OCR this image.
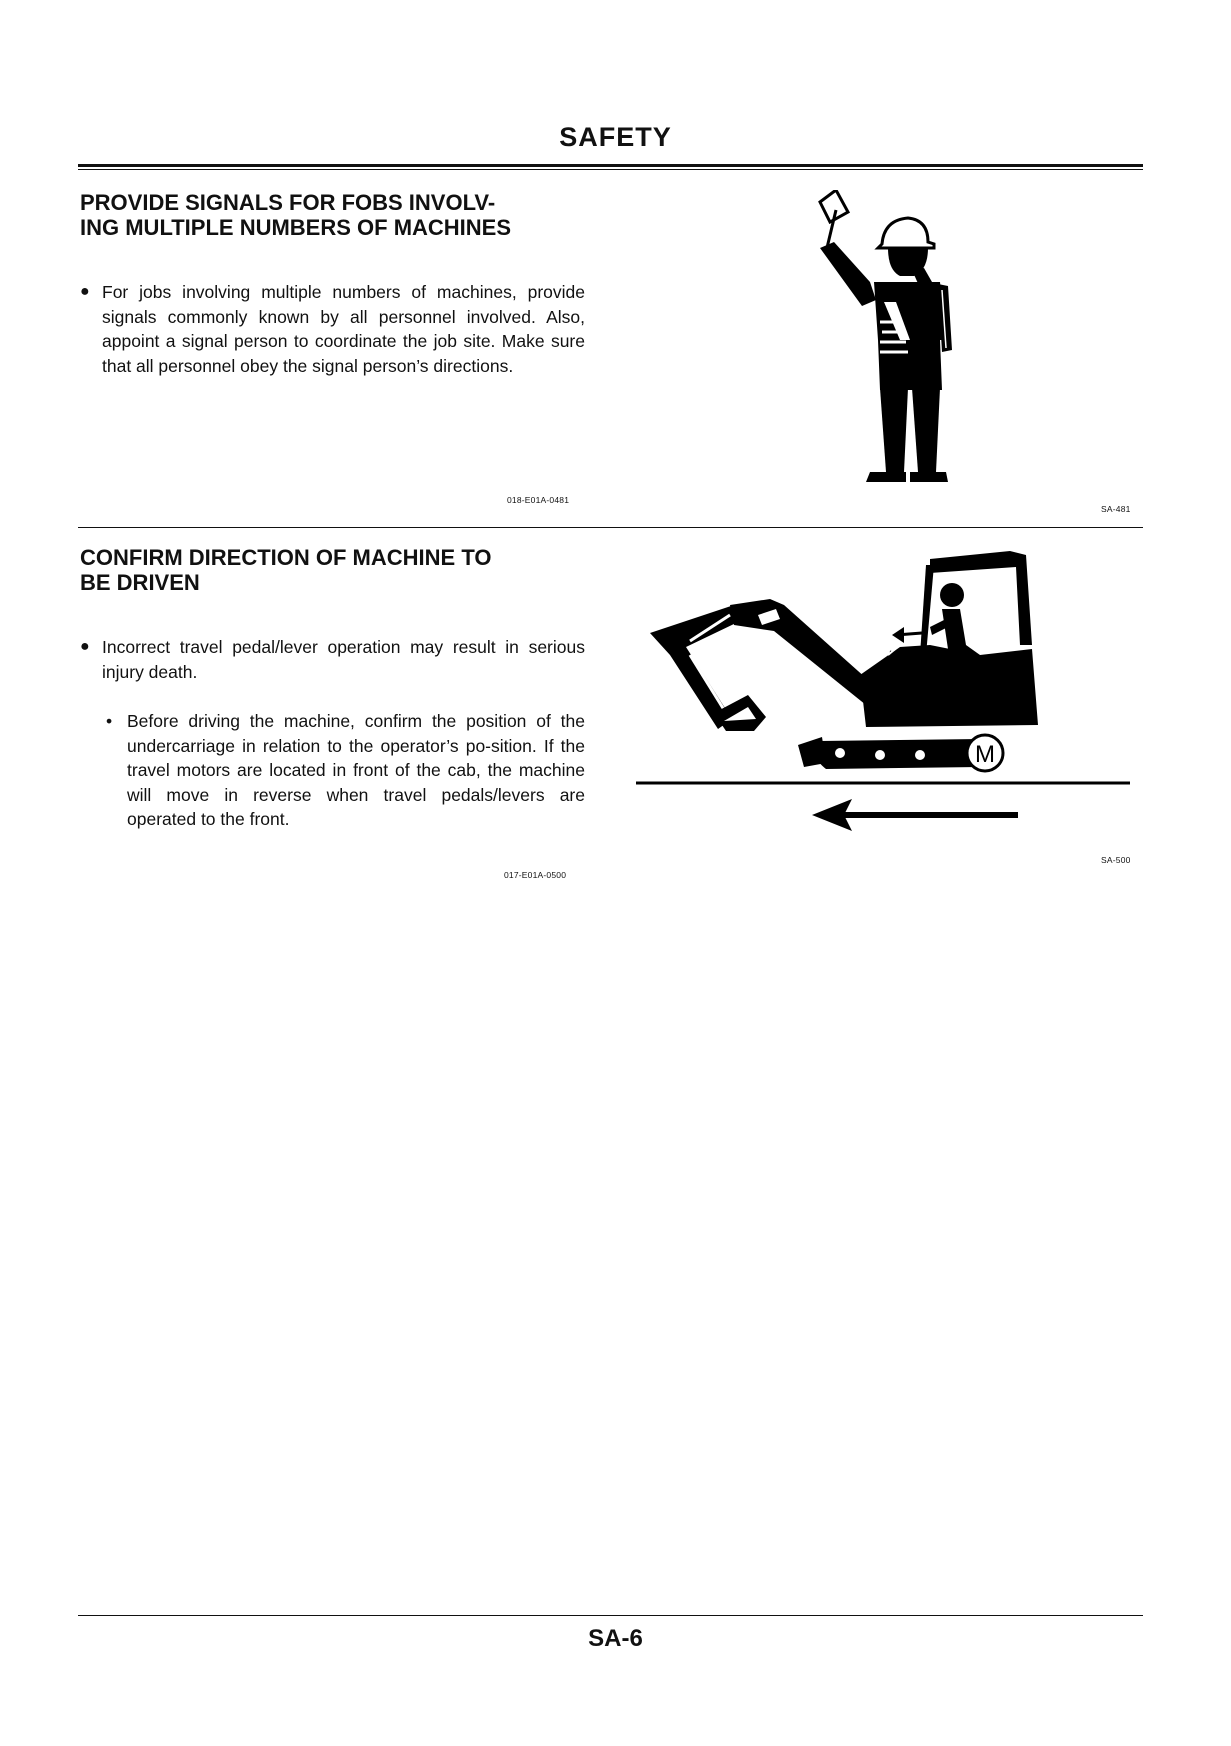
SAFETY
PROVIDE SIGNALS FOR FOBS INVOLV-
ING MULTIPLE NUMBERS OF MACHINES
● For jobs involving multiple numbers of machines, provide signals commonly known by all personnel involved. Also, appoint a signal person to coordinate the job site. Make sure that all personnel obey the signal person’s directions.
018-E01A-0481
SA-481
CONFIRM DIRECTION OF MACHINE TO
BE DRIVEN
● Incorrect travel pedal/lever operation may result in serious injury death.
• Before driving the machine, confirm the position of the undercarriage in relation to the operator’s po-sition. If the travel motors are located in front of the cab, the machine will move in reverse when travel pedals/levers are operated to the front.
017-E01A-0500
M
SA-500
SA-6
